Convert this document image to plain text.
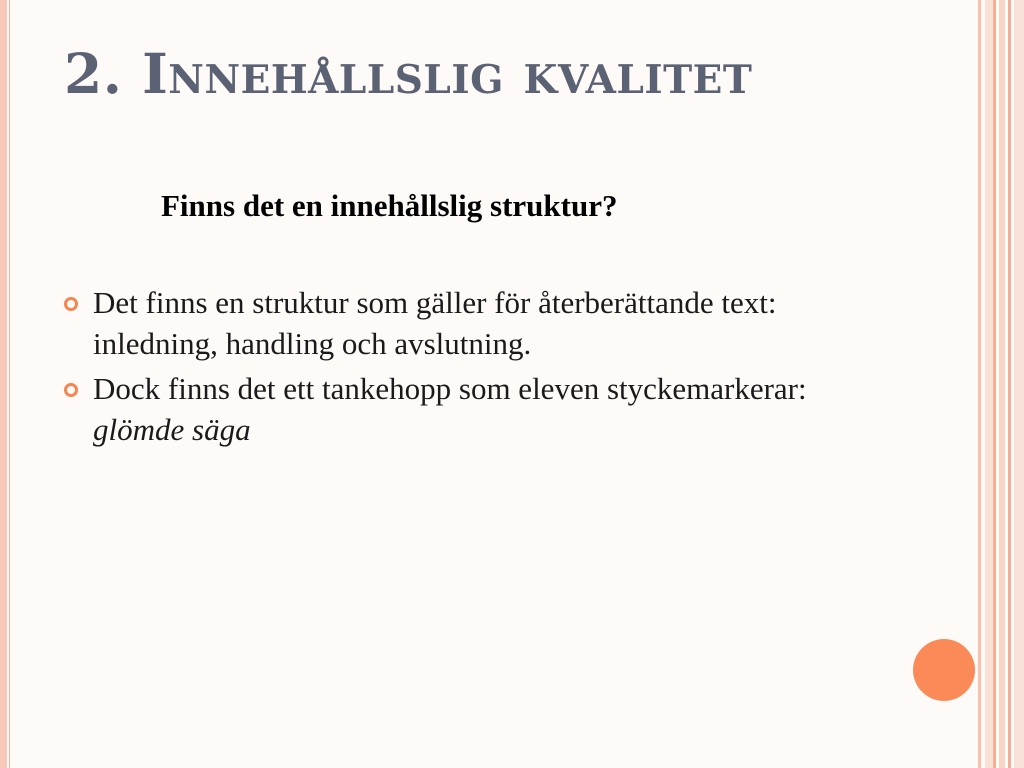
2. Innehållslig kvalitet
Finns det en innehållslig struktur?
Det finns en struktur som gäller för återberättande text: inledning, handling och avslutning.
Dock finns det ett tankehopp som eleven styckemarkerar: glömde säga
